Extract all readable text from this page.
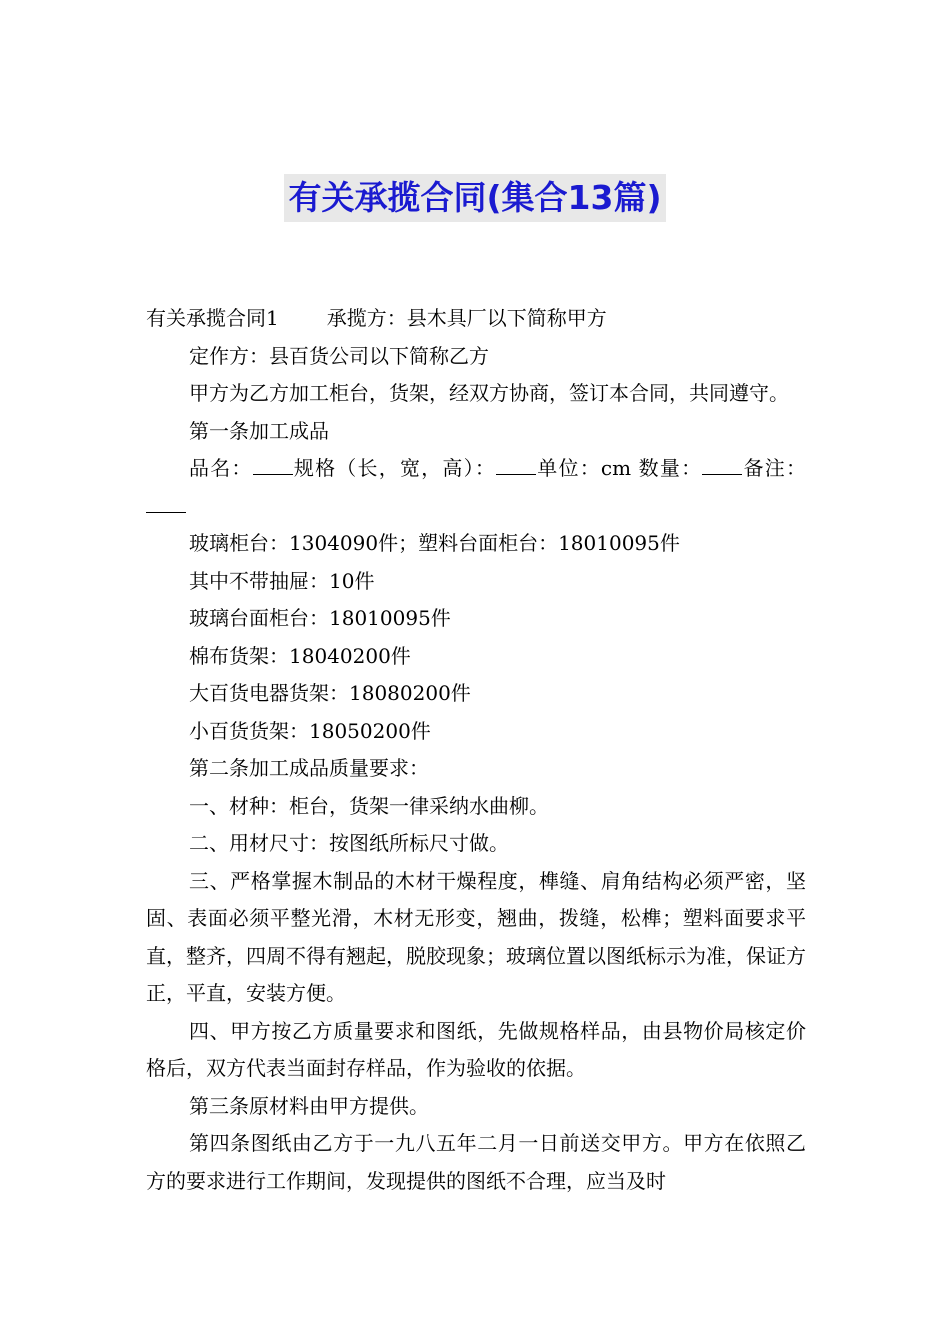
有关承揽合同(集合13篇)

有关承揽合同1 承揽方：县木具厂以下简称甲方

定作方：县百货公司以下简称乙方

甲方为乙方加工柜台，货架，经双方协商，签订本合同，共同遵守。

第一条加工成品

品名： 规格（长，宽，高）： 单位：cm 数量： 备注：

玻璃柜台：1304090件；塑料台面柜台：18010095件

其中不带抽屉：10件

玻璃台面柜台：18010095件

棉布货架：18040200件

大百货电器货架：18080200件

小百货货架：18050200件

第二条加工成品质量要求：

一、材种：柜台，货架一律采纳水曲柳。

二、用材尺寸：按图纸所标尺寸做。

三、严格掌握木制品的木材干燥程度，榫缝、肩角结构必须严密，坚固、表面必须平整光滑，木材无形变，翘曲，拨缝，松榫；塑料面要求平直，整齐，四周不得有翘起，脱胶现象；玻璃位置以图纸标示为准，保证方正，平直，安装方便。

四、甲方按乙方质量要求和图纸，先做规格样品，由县物价局核定价格后，双方代表当面封存样品，作为验收的依据。

第三条原材料由甲方提供。

第四条图纸由乙方于一九八五年二月一日前送交甲方。甲方在依照乙方的要求进行工作期间，发现提供的图纸不合理，应当及时
